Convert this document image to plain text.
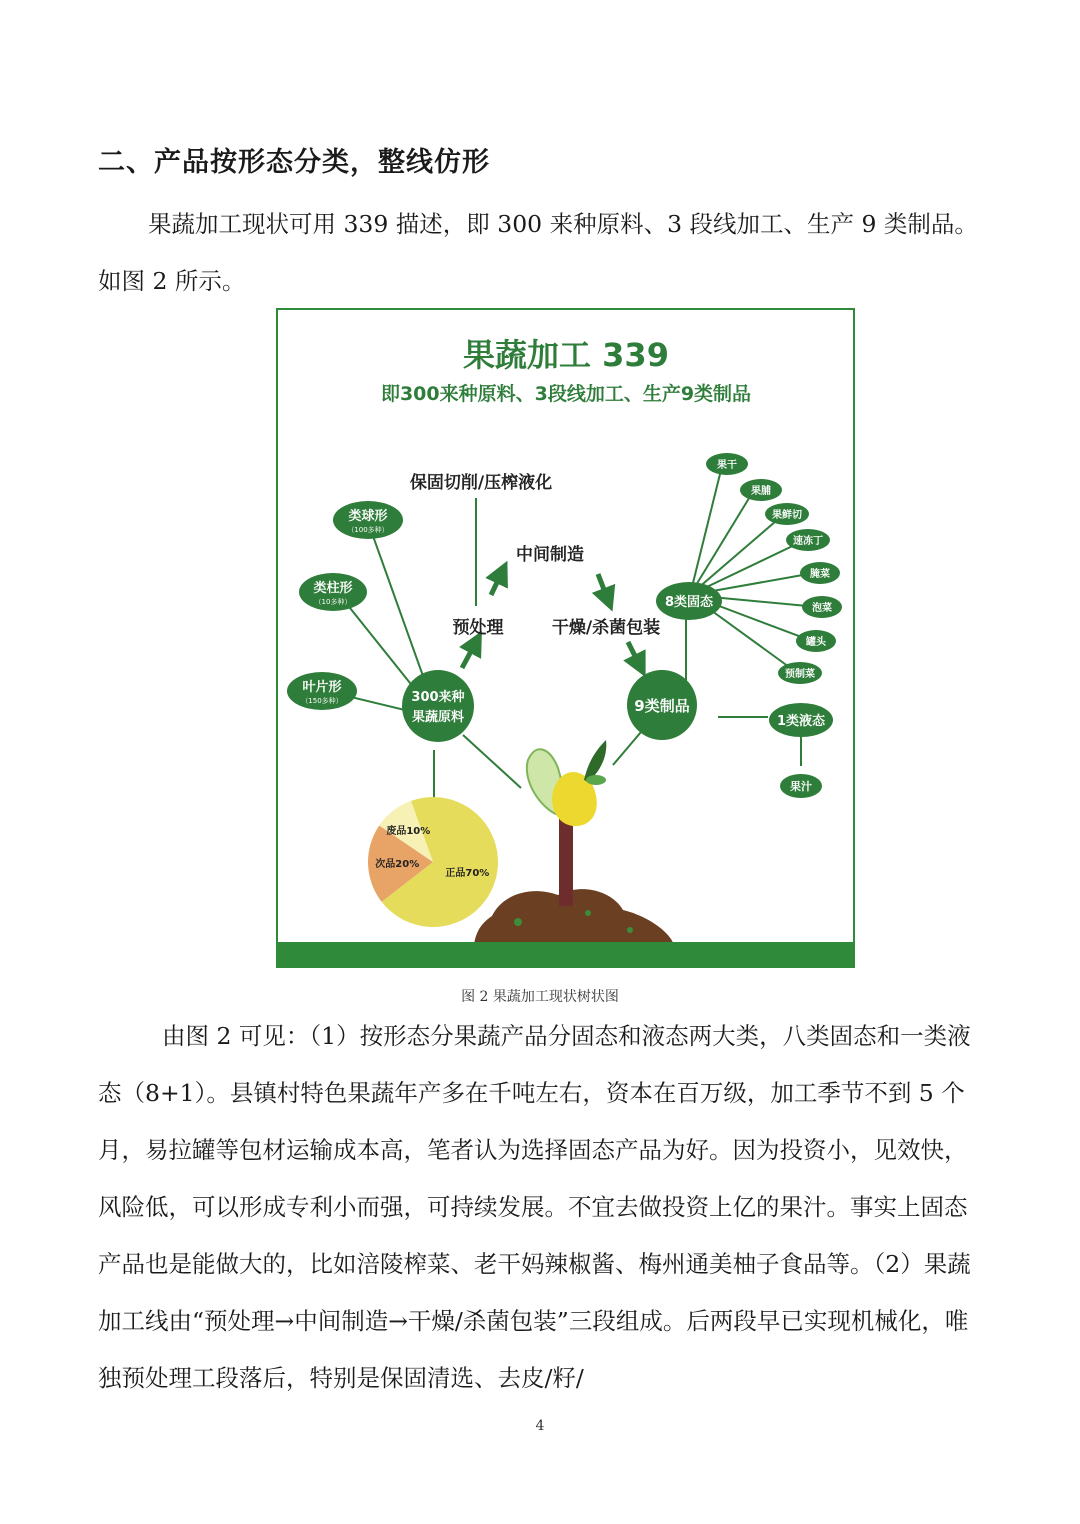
二、产品按形态分类，整线仿形

果蔬加工现状可用 339 描述，即 300 来种原料、3 段线加工、生产 9 类制品。如图 2 所示。

果蔬加工 339
即300来种原料、3段线加工、生产9类制品
保固切削/压榨液化
中间制造
预处理	干燥/杀菌包装
类球形
（100多种）
类柱形
（10多种）
叶片形
（150多种）	300来种
果蔬原料
9类制品
8类固态
果干
果脯
果鲜切
速冻丁
腌菜
泡菜
罐头
预制菜
1类液态
果汁
正品70%
次品20%
废品10%
图 2 果蔬加工现状树状图

由图 2 可见：（1）按形态分果蔬产品分固态和液态两大类，八类固态和一类液态（8+1）。县镇村特色果蔬年产多在千吨左右，资本在百万级，加工季节不到 5 个月，易拉罐等包材运输成本高，笔者认为选择固态产品为好。因为投资小，见效快，风险低，可以形成专利小而强，可持续发展。不宜去做投资上亿的果汁。事实上固态产品也是能做大的，比如涪陵榨菜、老干妈辣椒酱、梅州通美柚子食品等。（2）果蔬加工线由“预处理→中间制造→干燥/杀菌包装”三段组成。后两段早已实现机械化，唯独预处理工段落后，特别是保固清选、去皮/籽/

4
